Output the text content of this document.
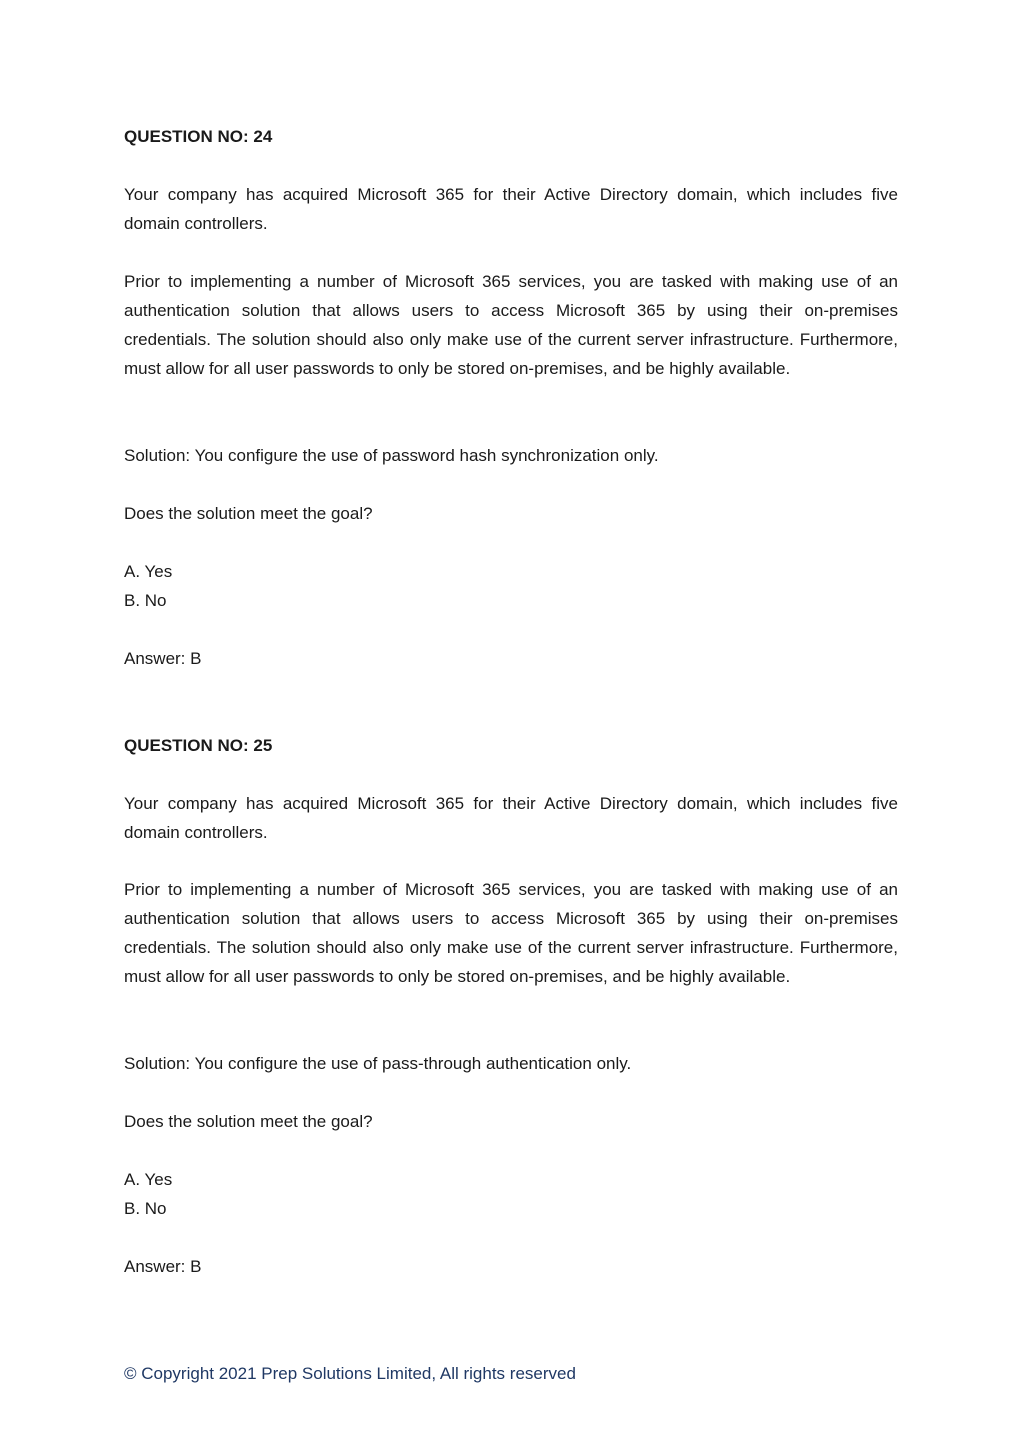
QUESTION NO: 24

Your company has acquired Microsoft 365 for their Active Directory domain, which includes five domain controllers.

Prior to implementing a number of Microsoft 365 services, you are tasked with making use of an authentication solution that allows users to access Microsoft 365 by using their on-premises credentials. The solution should also only make use of the current server infrastructure. Furthermore, must allow for all user passwords to only be stored on-premises, and be highly available.

Solution: You configure the use of password hash synchronization only.
Does the solution meet the goal?
A. Yes
B. No
Answer: B
QUESTION NO: 25

Your company has acquired Microsoft 365 for their Active Directory domain, which includes five domain controllers.

Prior to implementing a number of Microsoft 365 services, you are tasked with making use of an authentication solution that allows users to access Microsoft 365 by using their on-premises credentials. The solution should also only make use of the current server infrastructure. Furthermore, must allow for all user passwords to only be stored on-premises, and be highly available.

Solution: You configure the use of pass-through authentication only.
Does the solution meet the goal?
A. Yes
B. No
Answer: B
© Copyright 2021 Prep Solutions Limited, All rights reserved
